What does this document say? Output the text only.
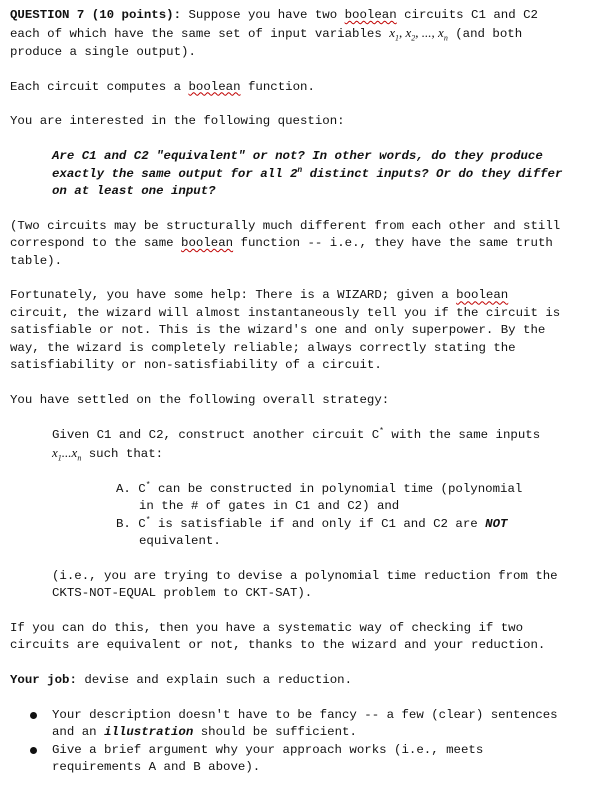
QUESTION 7 (10 points): Suppose you have two boolean circuits C1 and C2
each of which have the same set of input variables $x_1$, $x_2$, ..., $x_n$ (and both
produce a single output).
Each circuit computes a boolean function.
You are interested in the following question:
Are C1 and C2 "equivalent" or not? In other words, do they produce
exactly the same output for all 2$^n$ distinct inputs? Or do they differ
on at least one input?
(Two circuits may be structurally much different from each other and still
correspond to the same boolean function -- i.e., they have the same truth
table).
Fortunately, you have some help: There is a WIZARD; given a boolean
circuit, the wizard will almost instantaneously tell you if the circuit is
satisfiable or not. This is the wizard's one and only superpower. By the
way, the wizard is completely reliable; always correctly stating the
satisfiability or non-satisfiability of a circuit.
You have settled on the following overall strategy:
Given C1 and C2, construct another circuit C* with the same inputs
$x_1...x_n$ such that:
A. C* can be constructed in polynomial time (polynomial
in the # of gates in C1 and C2) and
B. C* is satisfiable if and only if C1 and C2 are NOT
equivalent.
(i.e., you are trying to devise a polynomial time reduction from the
CKTS-NOT-EQUAL problem to CKT-SAT).
If you can do this, then you have a systematic way of checking if two
circuits are equivalent or not, thanks to the wizard and your reduction.
Your job: devise and explain such a reduction.
Your description doesn't have to be fancy -- a few (clear) sentences
and an illustration should be sufficient.
Give a brief argument why your approach works (i.e., meets
requirements A and B above).
